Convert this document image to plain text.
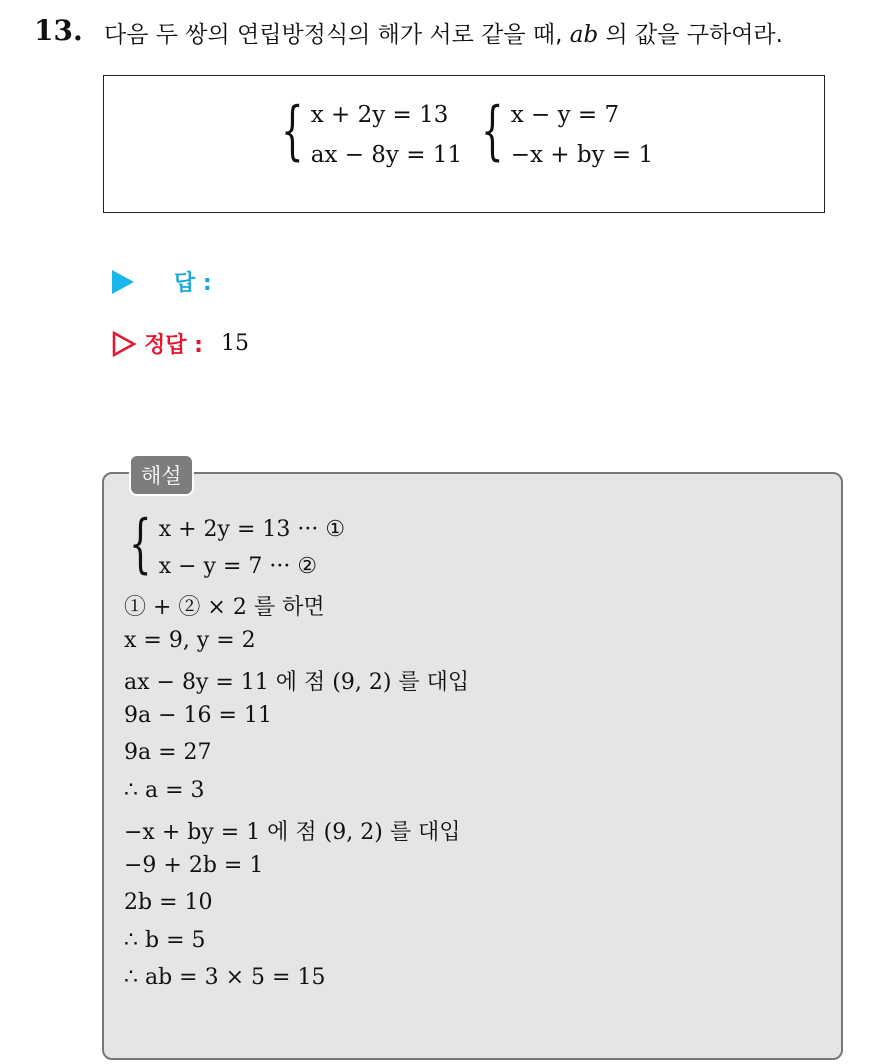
13. 다음 두 쌍의 연립방정식의 해가 서로 같을 때, ab 의 값을 구하여라.
{ x + 2y = 13
ax − 8y = 11 { x − y = 7
−x + by = 1
답 :
정답 : 15
해설
{ x + 2y = 13 ··· ①
x − y = 7 ··· ②
① + ② × 2 를 하면
x = 9, y = 2
ax − 8y = 11 에 점 (9, 2) 를 대입
9a − 16 = 11
9a = 27
∴ a = 3
−x + by = 1 에 점 (9, 2) 를 대입
−9 + 2b = 1
2b = 10
∴ b = 5
∴ ab = 3 × 5 = 15
